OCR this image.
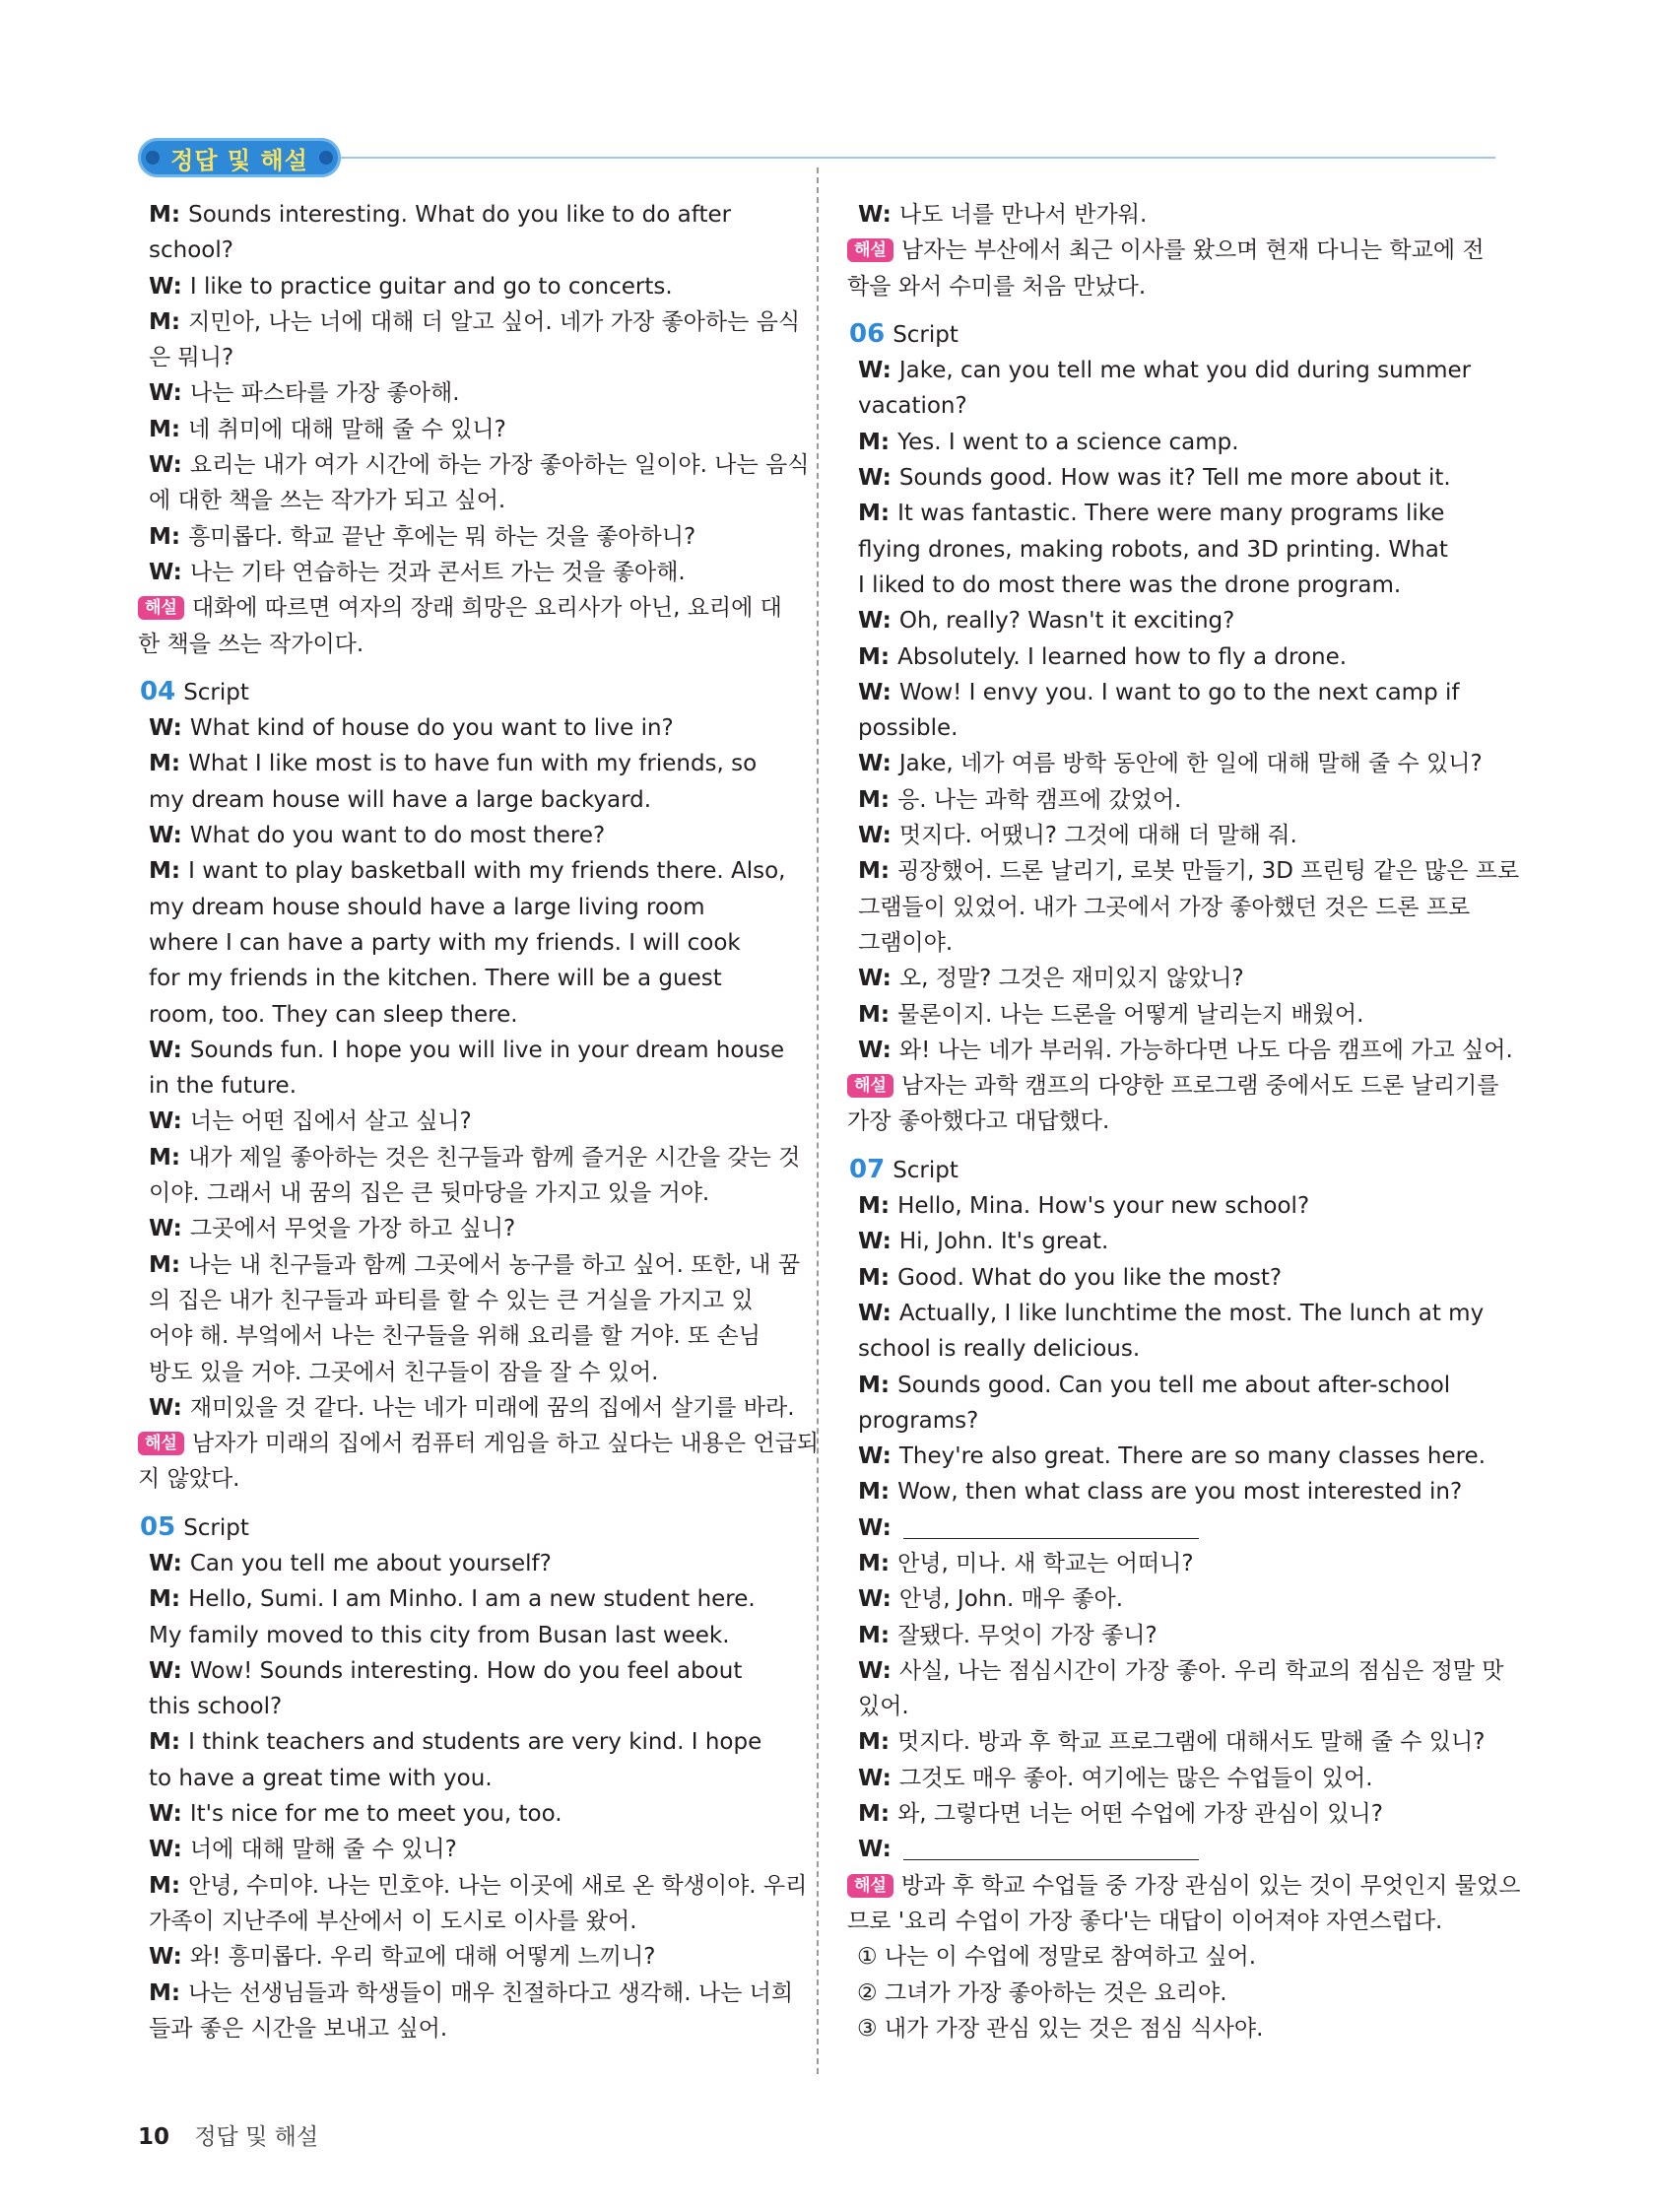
정답 및 해설
M: Sounds interesting. What do you like to do after
school?
W: I like to practice guitar and go to concerts.
M: 지민아, 나는 너에 대해 더 알고 싶어. 네가 가장 좋아하는 음식
은 뭐니?
W: 나는 파스타를 가장 좋아해.
M: 네 취미에 대해 말해 줄 수 있니?
W: 요리는 내가 여가 시간에 하는 가장 좋아하는 일이야. 나는 음식
에 대한 책을 쓰는 작가가 되고 싶어.
M: 흥미롭다. 학교 끝난 후에는 뭐 하는 것을 좋아하니?
W: 나는 기타 연습하는 것과 콘서트 가는 것을 좋아해.
해설 대화에 따르면 여자의 장래 희망은 요리사가 아닌, 요리에 대
한 책을 쓰는 작가이다.
04 Script
W: What kind of house do you want to live in?
M: What I like most is to have fun with my friends, so
my dream house will have a large backyard.
W: What do you want to do most there?
M: I want to play basketball with my friends there. Also,
my dream house should have a large living room
where I can have a party with my friends. I will cook
for my friends in the kitchen. There will be a guest
room, too. They can sleep there.
W: Sounds fun. I hope you will live in your dream house
in the future.
W: 너는 어떤 집에서 살고 싶니?
M: 내가 제일 좋아하는 것은 친구들과 함께 즐거운 시간을 갖는 것
이야. 그래서 내 꿈의 집은 큰 뒷마당을 가지고 있을 거야.
W: 그곳에서 무엇을 가장 하고 싶니?
M: 나는 내 친구들과 함께 그곳에서 농구를 하고 싶어. 또한, 내 꿈
의 집은 내가 친구들과 파티를 할 수 있는 큰 거실을 가지고 있
어야 해. 부엌에서 나는 친구들을 위해 요리를 할 거야. 또 손님
방도 있을 거야. 그곳에서 친구들이 잠을 잘 수 있어.
W: 재미있을 것 같다. 나는 네가 미래에 꿈의 집에서 살기를 바라.
해설 남자가 미래의 집에서 컴퓨터 게임을 하고 싶다는 내용은 언급되
지 않았다.
05 Script
W: Can you tell me about yourself?
M: Hello, Sumi. I am Minho. I am a new student here.
My family moved to this city from Busan last week.
W: Wow! Sounds interesting. How do you feel about
this school?
M: I think teachers and students are very kind. I hope
to have a great time with you.
W: It's nice for me to meet you, too.
W: 너에 대해 말해 줄 수 있니?
M: 안녕, 수미야. 나는 민호야. 나는 이곳에 새로 온 학생이야. 우리
가족이 지난주에 부산에서 이 도시로 이사를 왔어.
W: 와! 흥미롭다. 우리 학교에 대해 어떻게 느끼니?
M: 나는 선생님들과 학생들이 매우 친절하다고 생각해. 나는 너희
들과 좋은 시간을 보내고 싶어.
W: 나도 너를 만나서 반가워.
해설 남자는 부산에서 최근 이사를 왔으며 현재 다니는 학교에 전
학을 와서 수미를 처음 만났다.
06 Script
W: Jake, can you tell me what you did during summer
vacation?
M: Yes. I went to a science camp.
W: Sounds good. How was it? Tell me more about it.
M: It was fantastic. There were many programs like
flying drones, making robots, and 3D printing. What
I liked to do most there was the drone program.
W: Oh, really? Wasn't it exciting?
M: Absolutely. I learned how to fly a drone.
W: Wow! I envy you. I want to go to the next camp if
possible.
W: Jake, 네가 여름 방학 동안에 한 일에 대해 말해 줄 수 있니?
M: 응. 나는 과학 캠프에 갔었어.
W: 멋지다. 어땠니? 그것에 대해 더 말해 줘.
M: 굉장했어. 드론 날리기, 로봇 만들기, 3D 프린팅 같은 많은 프로
그램들이 있었어. 내가 그곳에서 가장 좋아했던 것은 드론 프로
그램이야.
W: 오, 정말? 그것은 재미있지 않았니?
M: 물론이지. 나는 드론을 어떻게 날리는지 배웠어.
W: 와! 나는 네가 부러워. 가능하다면 나도 다음 캠프에 가고 싶어.
해설 남자는 과학 캠프의 다양한 프로그램 중에서도 드론 날리기를
가장 좋아했다고 대답했다.
07 Script
M: Hello, Mina. How's your new school?
W: Hi, John. It's great.
M: Good. What do you like the most?
W: Actually, I like lunchtime the most. The lunch at my
school is really delicious.
M: Sounds good. Can you tell me about after-school
programs?
W: They're also great. There are so many classes here.
M: Wow, then what class are you most interested in?
W:
M: 안녕, 미나. 새 학교는 어떠니?
W: 안녕, John. 매우 좋아.
M: 잘됐다. 무엇이 가장 좋니?
W: 사실, 나는 점심시간이 가장 좋아. 우리 학교의 점심은 정말 맛
있어.
M: 멋지다. 방과 후 학교 프로그램에 대해서도 말해 줄 수 있니?
W: 그것도 매우 좋아. 여기에는 많은 수업들이 있어.
M: 와, 그렇다면 너는 어떤 수업에 가장 관심이 있니?
W:
해설 방과 후 학교 수업들 중 가장 관심이 있는 것이 무엇인지 물었으
므로 '요리 수업이 가장 좋다'는 대답이 이어져야 자연스럽다.
① 나는 이 수업에 정말로 참여하고 싶어.
② 그녀가 가장 좋아하는 것은 요리야.
③ 내가 가장 관심 있는 것은 점심 식사야.
10 정답 및 해설
